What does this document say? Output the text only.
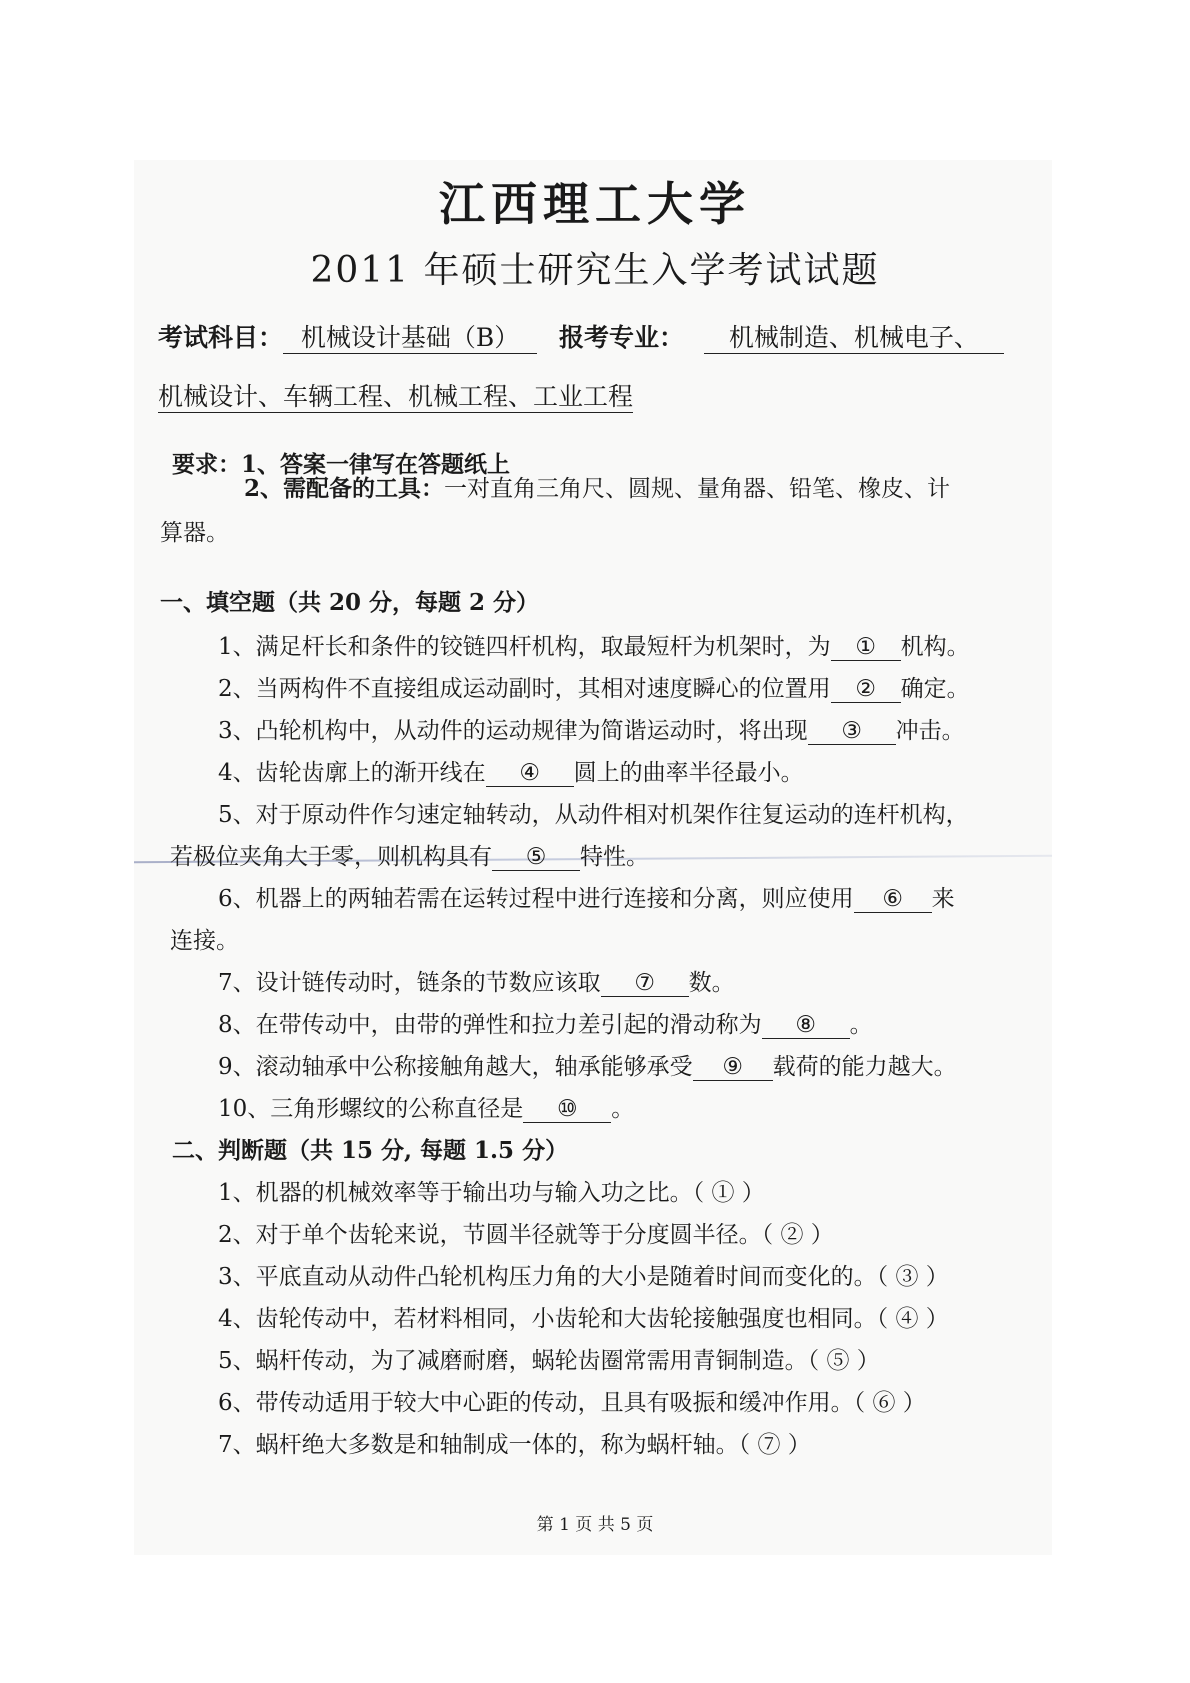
江西理工大学
2011 年硕士研究生入学考试试题
考试科目： 机械设计基础（B） 报考专业： 机械制造、机械电子、
机械设计、车辆工程、机械工程、工业工程
要求：1、答案一律写在答题纸上
2、需配备的工具：一对直角三角尺、圆规、量角器、铅笔、橡皮、计
算器。
一、填空题（共 20 分，每题 2 分）
1、满足杆长和条件的铰链四杆机构，取最短杆为机架时，为 ① 机构。
2、当两构件不直接组成运动副时，其相对速度瞬心的位置用 ② 确定。
3、凸轮机构中，从动件的运动规律为简谐运动时，将出现 ③ 冲击。
4、齿轮齿廓上的渐开线在 ④ 圆上的曲率半径最小。
5、对于原动件作匀速定轴转动，从动件相对机架作往复运动的连杆机构，
若极位夹角大于零，则机构具有 ⑤ 特性。
6、机器上的两轴若需在运转过程中进行连接和分离，则应使用 ⑥ 来
连接。
7、设计链传动时，链条的节数应该取 ⑦ 数。
8、在带传动中，由带的弹性和拉力差引起的滑动称为 ⑧ 。
9、滚动轴承中公称接触角越大，轴承能够承受 ⑨ 载荷的能力越大。
10、三角形螺纹的公称直径是 ⑩ 。
二、判断题（共 15 分, 每题 1.5 分）
1、机器的机械效率等于输出功与输入功之比。（ ① ）
2、对于单个齿轮来说，节圆半径就等于分度圆半径。（ ② ）
3、平底直动从动件凸轮机构压力角的大小是随着时间而变化的。（ ③ ）
4、齿轮传动中，若材料相同，小齿轮和大齿轮接触强度也相同。（ ④ ）
5、蜗杆传动，为了减磨耐磨，蜗轮齿圈常需用青铜制造。（ ⑤ ）
6、带传动适用于较大中心距的传动，且具有吸振和缓冲作用。（ ⑥ ）
7、蜗杆绝大多数是和轴制成一体的，称为蜗杆轴。（ ⑦ ）
第 1 页 共 5 页
